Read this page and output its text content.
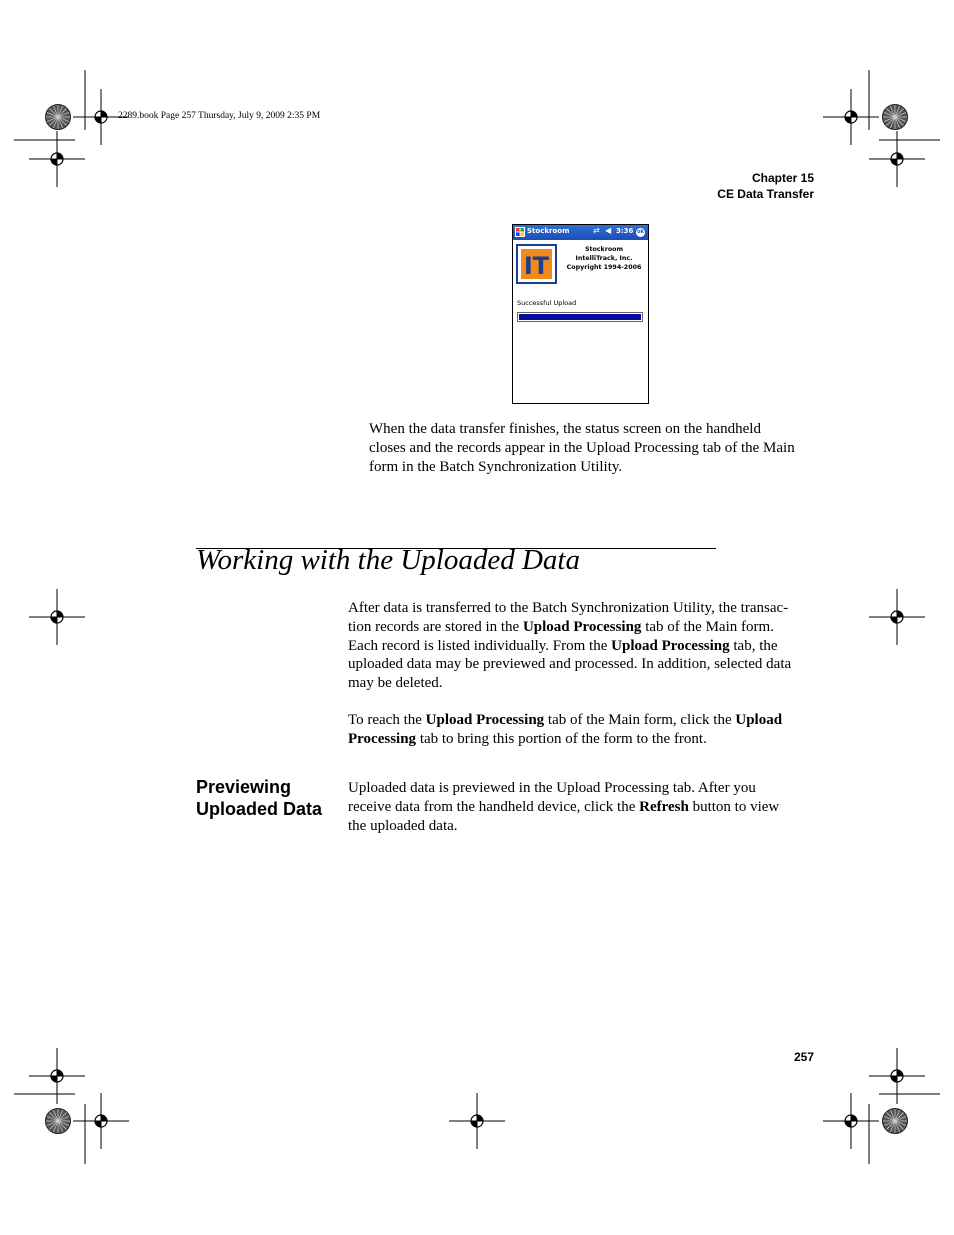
2289.book Page 257 Thursday, July 9, 2009 2:35 PM
Chapter 15
CE Data Transfer
Stockroom	⇄ ◀ 3:36 ok
IT
Stockroom
IntelliTrack, Inc.
Copyright 1994-2006
Successful Upload
When the data transfer finishes, the status screen on the handheld
closes and the records appear in the Upload Processing tab of the Main
form in the Batch Synchronization Utility.
Working with the Uploaded Data
After data is transferred to the Batch Synchronization Utility, the transac-
tion records are stored in the Upload Processing tab of the Main form.
Each record is listed individually. From the Upload Processing tab, the
uploaded data may be previewed and processed. In addition, selected data
may be deleted.
To reach the Upload Processing tab of the Main form, click the Upload
Processing tab to bring this portion of the form to the front.
Previewing Uploaded Data
Uploaded data is previewed in the Upload Processing tab. After you
receive data from the handheld device, click the Refresh button to view
the uploaded data.
257
